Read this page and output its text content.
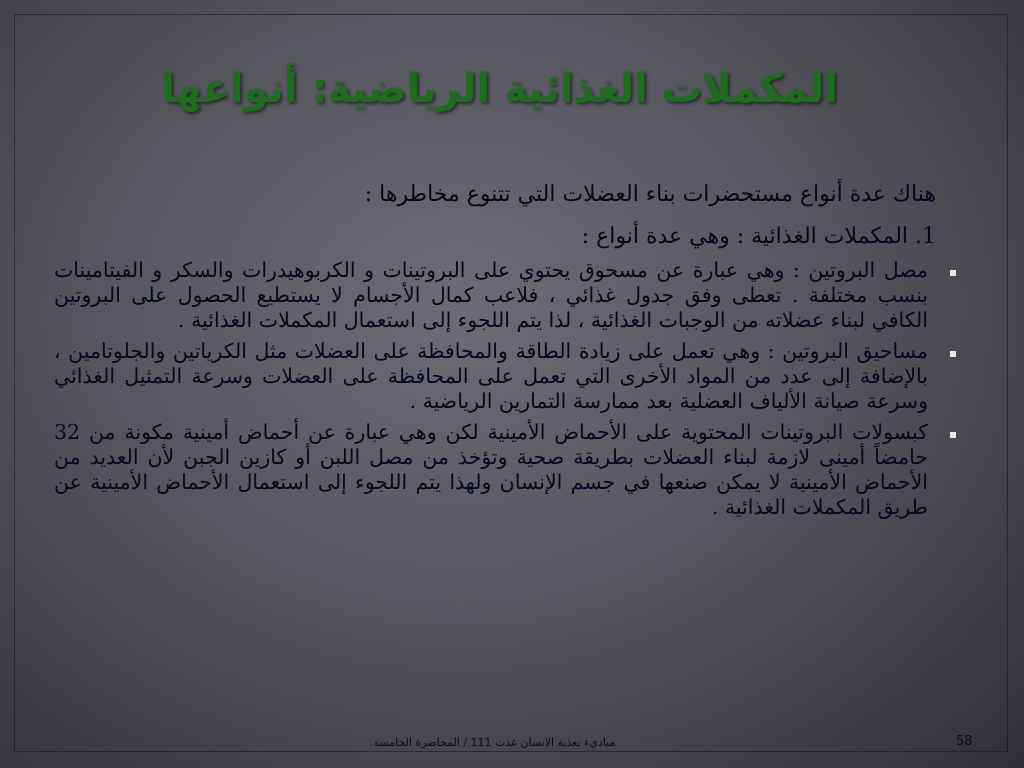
المكملات الغذائية الرياضية: أنواعها

هناك عدة أنواع مستحضرات بناء العضلات التي تتنوع مخاطرها :

1. المكملات الغذائية : وهي عدة أنواع :

مصل البروتين : وهي عبارة عن مسحوق يحتوي على البروتينات و الكربوهيدرات والسكر و الفيتامينات بنسب مختلفة . تعطى وفق جدول غذائي ، فلاعب كمال الأجسام لا يستطيع الحصول على البروتين الكافي لبناء عضلاته من الوجبات الغذائية ، لذا يتم اللجوء إلى استعمال المكملات الغذائية .
مساحيق البروتين : وهي تعمل على زيادة الطاقة والمحافظة على العضلات مثل الكرياتين والجلوتامين ، بالإضافة إلى عدد من المواد الأخرى التي تعمل على المحافظة على العضلات وسرعة التمثيل الغذائي وسرعة صيانة الألياف العضلية بعد ممارسة التمارين الرياضية .
كبسولات البروتينات المحتوية على الأحماض الأمينية لكن وهي عبارة عن أحماض أمينية مكونة من 32 حامضاً أمينى لازمة لبناء العضلات بطريقة صحية وتؤخذ من مصل اللبن أو كازين الجبن لأن العديد من الأحماض الأمينية لا يمكن صنعها في جسم الإنسان ولهذا يتم اللجوء إلى استعمال الأحماض الأمينية عن طريق المكملات الغذائية .
مباديء تغذية الانسان غذت 111 / المحاضرة الخامسة.	58
